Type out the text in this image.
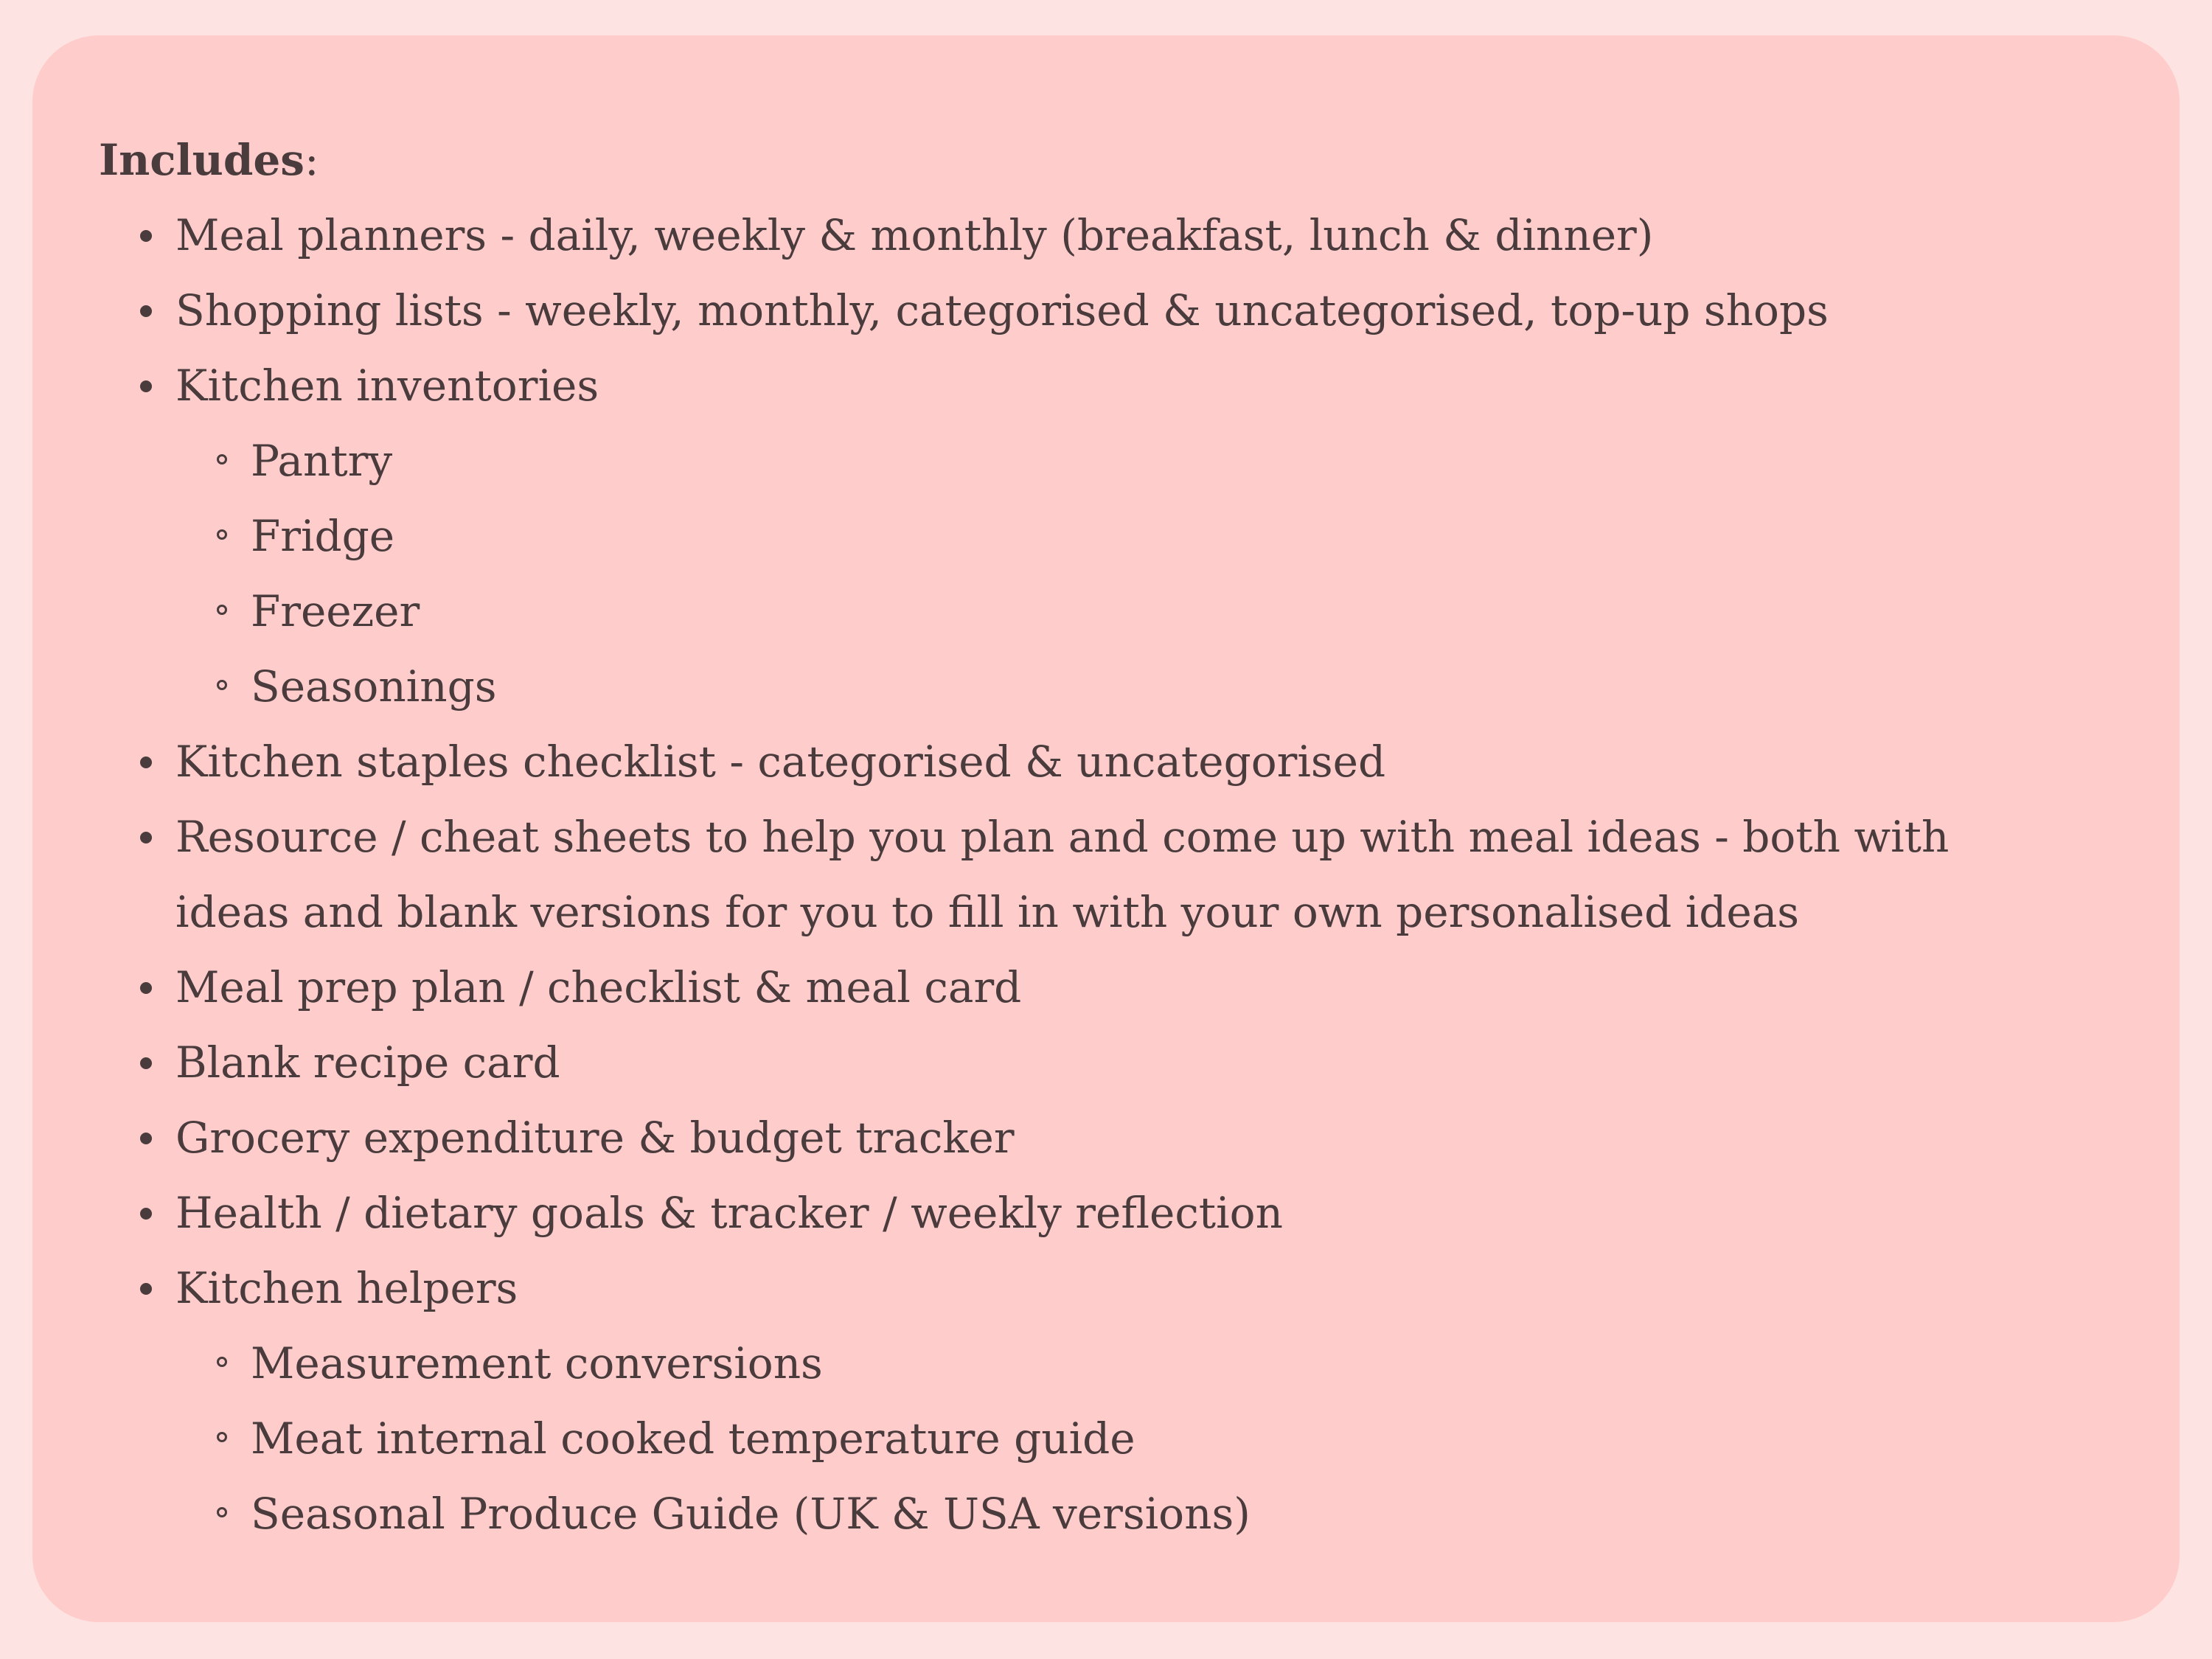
Includes:

Meal planners - daily, weekly & monthly (breakfast, lunch & dinner)
Shopping lists - weekly, monthly, categorised & uncategorised, top-up shops
Kitchen inventories
Pantry
Fridge
Freezer
Seasonings
Kitchen staples checklist - categorised & uncategorised
Resource / cheat sheets to help you plan and come up with meal ideas - both with ideas and blank versions for you to fill in with your own personalised ideas
Meal prep plan / checklist & meal card
Blank recipe card
Grocery expenditure & budget tracker
Health / dietary goals & tracker / weekly reflection
Kitchen helpers
Measurement conversions
Meat internal cooked temperature guide
Seasonal Produce Guide (UK & USA versions)
